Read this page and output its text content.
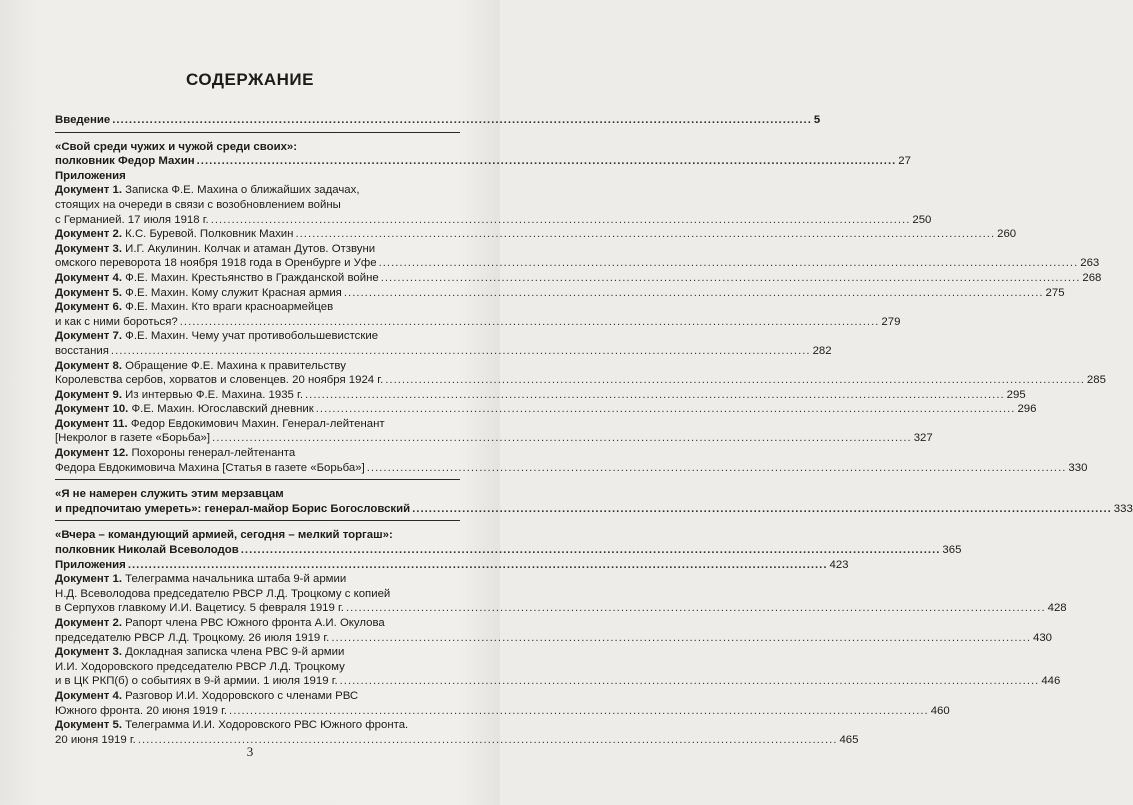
СОДЕРЖАНИЕ
Введение .....	5
«Свой среди чужих и чужой среди своих»:
полковник Федор Махин .....	27
Приложения
Документ 1. Записка Ф.Е. Махина о ближайших задачах,
стоящих на очереди в связи с возобновлением войны
с Германией. 17 июля 1918 г. .....	250
Документ 2. К.С. Буревой. Полковник Махин .....	260
Документ 3. И.Г. Акулинин. Колчак и атаман Дутов. Отзвуни
омского переворота 18 ноября 1918 года в Оренбурге и Уфе .....	263
Документ 4. Ф.Е. Махин. Крестьянство в Гражданской войне .....	268
Документ 5. Ф.Е. Махин. Кому служит Красная армия .....	275
Документ 6. Ф.Е. Махин. Кто враги красноармейцев
и как с ними бороться? .....	279
Документ 7. Ф.Е. Махин. Чему учат противобольшевистские
восстания .....	282
Документ 8. Обращение Ф.Е. Махина к правительству
Королевства сербов, хорватов и словенцев. 20 ноября 1924 г. .....	285
Документ 9. Из интервью Ф.Е. Махина. 1935 г. .....	295
Документ 10. Ф.Е. Махин. Югославский дневник .....	296
Документ 11. Федор Евдокимович Махин. Генерал-лейтенант
[Некролог в газете «Борьба»] .....	327
Документ 12. Похороны генерал-лейтенанта
Федора Евдокимовича Махина [Статья в газете «Борьба»] .....	330
«Я не намерен служить этим мерзавцам
и предпочитаю умереть»: генерал-майор Борис Богословский .....	333
«Вчера – командующий армией, сегодня – мелкий торгаш»:
полковник Николай Всеволодов .....	365
Приложения .....	423
Документ 1. Телеграмма начальника штаба 9-й армии
Н.Д. Всеволодова председателю РВСР Л.Д. Троцкому с копией
в Серпухов главкому И.И. Вацетису. 5 февраля 1919 г. .....	428
Документ 2. Рапорт члена РВС Южного фронта А.И. Окулова
председателю РВСР Л.Д. Троцкому. 26 июля 1919 г. .....	430
Документ 3. Докладная записка члена РВС 9-й армии
И.И. Ходоровского председателю РВСР Л.Д. Троцкому
и в ЦК РКП(б) о событиях в 9-й армии. 1 июля 1919 г. .....	446
Документ 4. Разговор И.И. Ходоровского с членами РВС
Южного фронта. 20 июня 1919 г. .....	460
Документ 5. Телеграмма И.И. Ходоровского РВС Южного фронта.
20 июня 1919 г. .....	465
3
